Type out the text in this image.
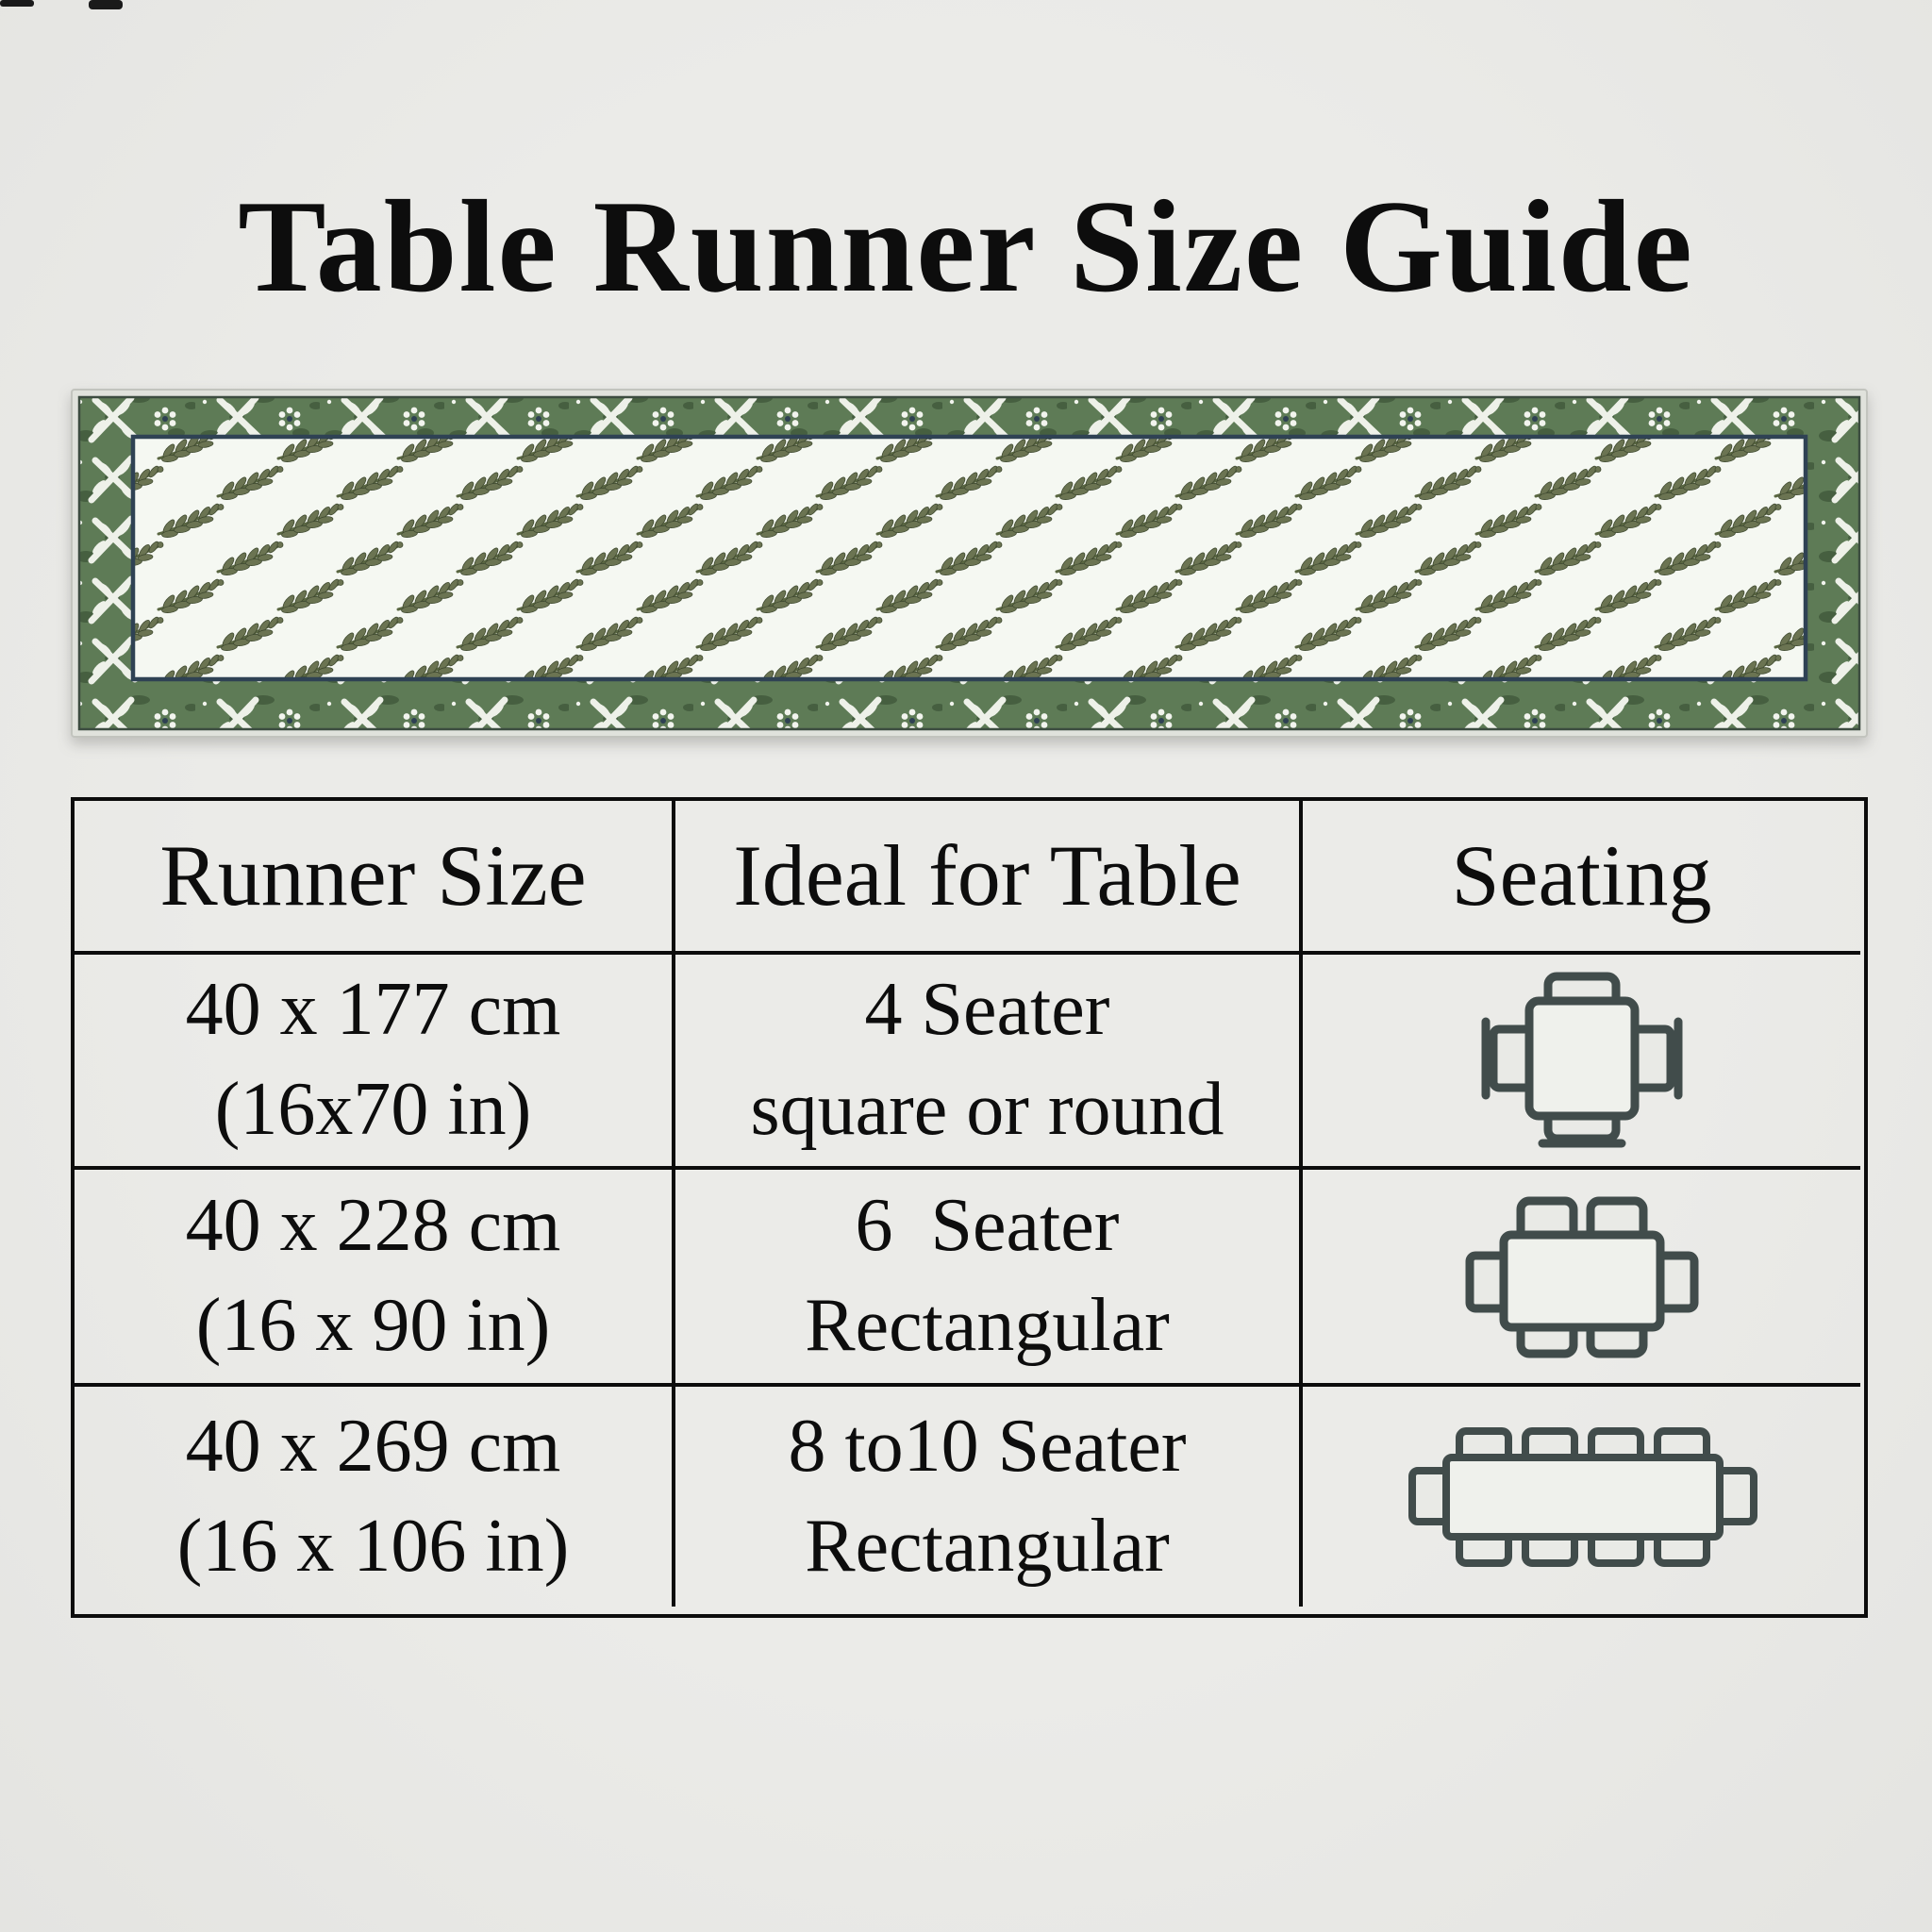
Table Runner Size Guide
Runner Size Ideal for Table Seating
40 x 177 cm
(16x70 in)
4 Seater
square or round
40 x 228 cm
(16 x 90 in)
6  Seater
Rectangular
40 x 269 cm
(16 x 106 in)
8 to10 Seater
Rectangular
